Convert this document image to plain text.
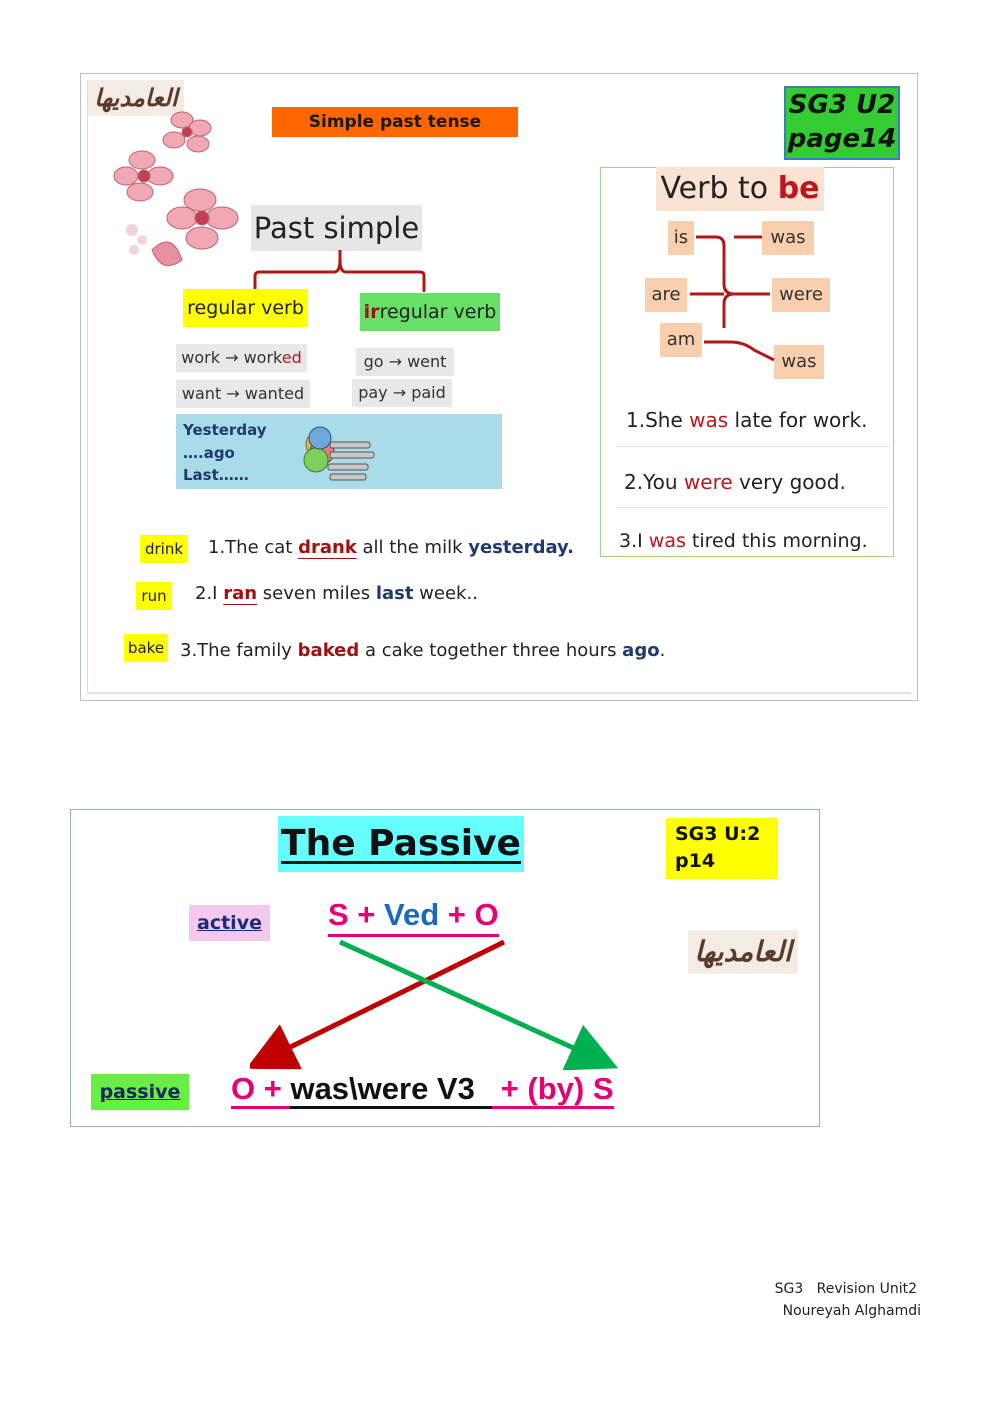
العامديها
Simple past tense
SG3 U2
page14
Past simple
regular verb	irregular verb
work → worked
want → wanted
go → went
pay → paid
Yesterday
….ago
Last……
Verb to be
is
are
am
was
were
was
1.She was late for work.
2.You were very good.
3.I was tired this morning.
drink 1.The cat drank all the milk yesterday.
run	2.I ran seven miles last week..
bake 3.The family baked a cake together three hours ago.
The Passive	SG3 U:2
p14
العامديها
active
passive
S + Ved + O
O + was\were V3   + (by) S
SG3   Revision Unit2
Noureyah Alghamdi
